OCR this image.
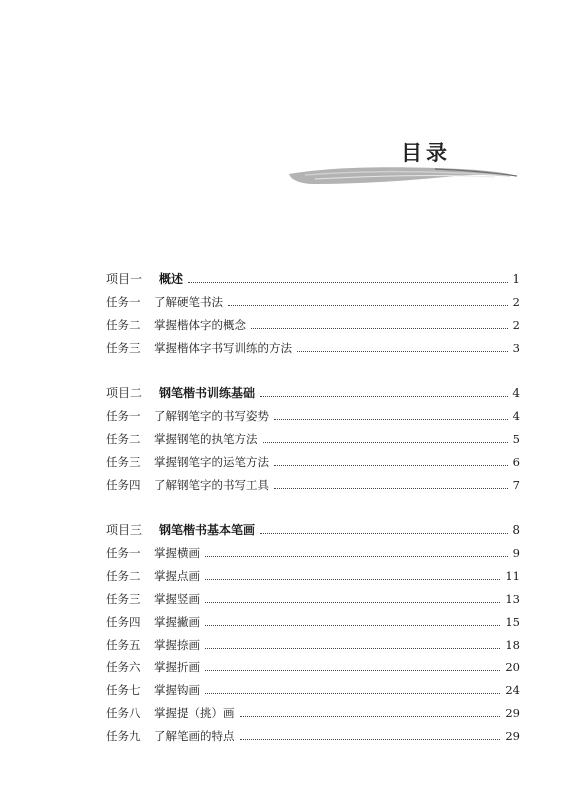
目录
项目一	概述	1
任务一	了解硬笔书法	2
任务二	掌握楷体字的概念	2
任务三	掌握楷体字书写训练的方法	3
项目二	钢笔楷书训练基础	4
任务一	了解钢笔字的书写姿势	4
任务二	掌握钢笔的执笔方法	5
任务三	掌握钢笔字的运笔方法	6
任务四	了解钢笔字的书写工具	7
项目三	钢笔楷书基本笔画	8
任务一	掌握横画	9
任务二	掌握点画	11
任务三	掌握竖画	13
任务四	掌握撇画	15
任务五	掌握捺画	18
任务六	掌握折画	20
任务七	掌握钩画	24
任务八	掌握提（挑）画	29
任务九	了解笔画的特点	29
